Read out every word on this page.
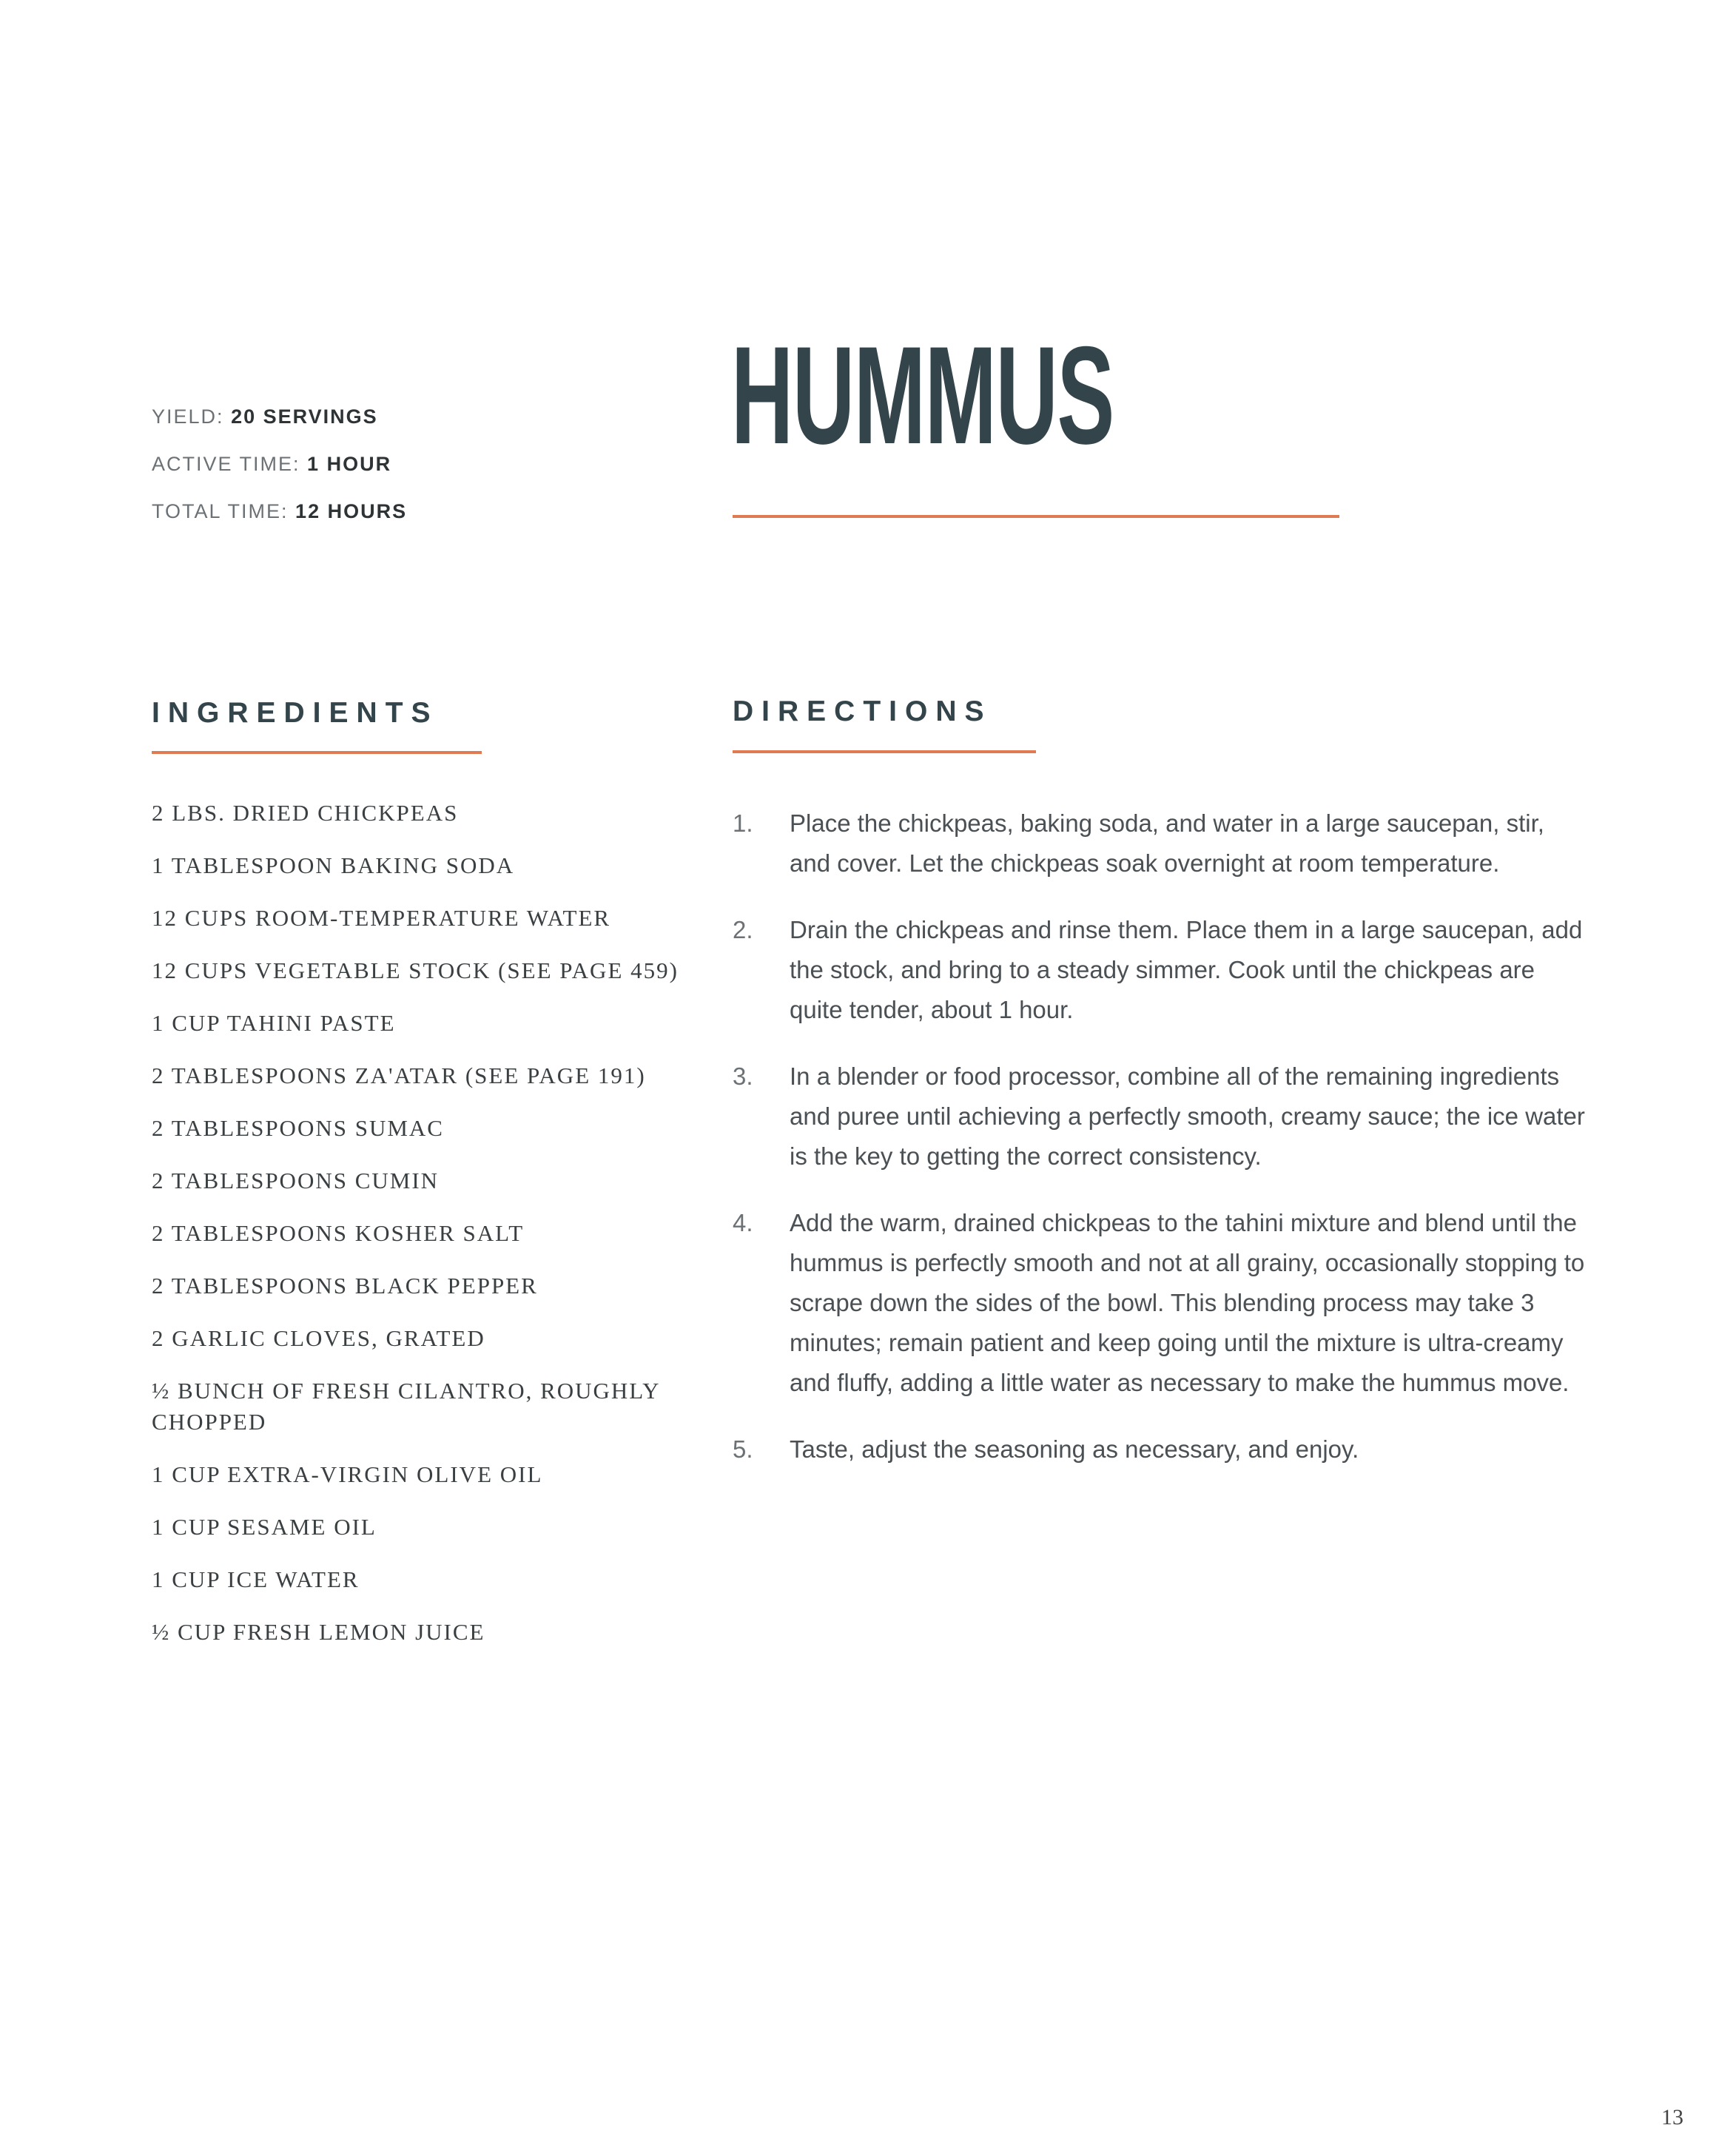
YIELD: 20 SERVINGS
ACTIVE TIME: 1 HOUR
TOTAL TIME: 12 HOURS
HUMMUS
INGREDIENTS	DIRECTIONS
2 LBS. DRIED CHICKPEAS
1 TABLESPOON BAKING SODA
12 CUPS ROOM-TEMPERATURE WATER
12 CUPS VEGETABLE STOCK (SEE PAGE 459)
1 CUP TAHINI PASTE
2 TABLESPOONS ZA'ATAR (SEE PAGE 191)
2 TABLESPOONS SUMAC
2 TABLESPOONS CUMIN
2 TABLESPOONS KOSHER SALT
2 TABLESPOONS BLACK PEPPER
2 GARLIC CLOVES, GRATED
½ BUNCH OF FRESH CILANTRO, ROUGHLY CHOPPED
1 CUP EXTRA-VIRGIN OLIVE OIL
1 CUP SESAME OIL
1 CUP ICE WATER
½ CUP FRESH LEMON JUICE
1.	Place the chickpeas, baking soda, and water in a large saucepan, stir, and cover. Let the chickpeas soak overnight at room temperature.
2.	Drain the chickpeas and rinse them. Place them in a large saucepan, add the stock, and bring to a steady simmer. Cook until the chickpeas are quite tender, about 1 hour.
3.	In a blender or food processor, combine all of the remaining ingredients and puree until achieving a perfectly smooth, creamy sauce; the ice water is the key to getting the correct consistency.
4.	Add the warm, drained chickpeas to the tahini mixture and blend until the hummus is perfectly smooth and not at all grainy, occasionally stopping to scrape down the sides of the bowl. This blending process may take 3 minutes; remain patient and keep going until the mixture is ultra-creamy and fluffy, adding a little water as necessary to make the hummus move.
5.	Taste, adjust the seasoning as necessary, and enjoy.
13
